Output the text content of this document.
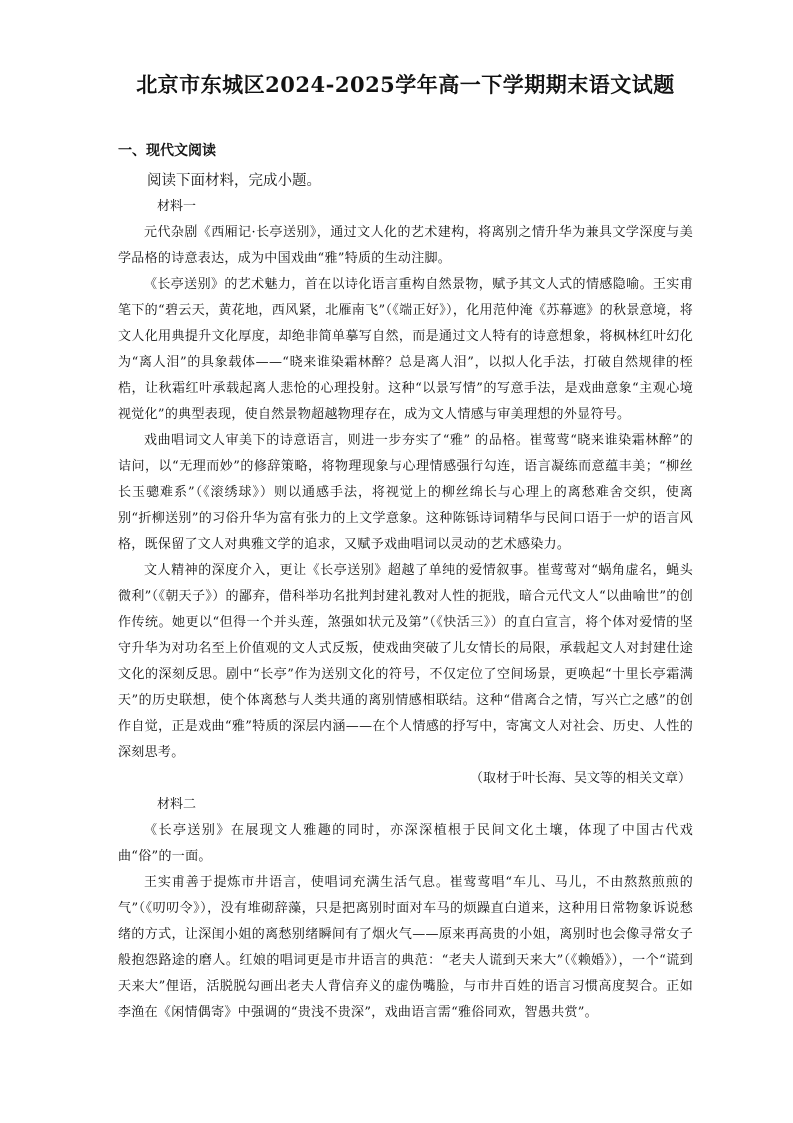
北京市东城区2024-2025学年高一下学期期末语文试题
一、现代文阅读

阅读下面材料，完成小题。

材料一

元代杂剧《西厢记·长亭送别》，通过文人化的艺术建构，将离别之情升华为兼具文学深度与美学品格的诗意表达，成为中国戏曲“雅”特质的生动注脚。

《长亭送别》的艺术魅力，首在以诗化语言重构自然景物，赋予其文人式的情感隐喻。王实甫笔下的“碧云天，黄花地，西风紧，北雁南飞”（《端正好》），化用范仲淹《苏幕遮》的秋景意境，将文人化用典提升文化厚度，却绝非简单摹写自然，而是通过文人特有的诗意想象，将枫林红叶幻化为“离人泪”的具象载体——“晓来谁染霜林醉？总是离人泪”，以拟人化手法，打破自然规律的桎梏，让秋霜红叶承载起离人悲怆的心理投射。这种“以景写情”的写意手法，是戏曲意象“主观心境视觉化”的典型表现，使自然景物超越物理存在，成为文人情感与审美理想的外显符号。

戏曲唱词文人审美下的诗意语言，则进一步夯实了“雅” 的品格。崔莺莺“晓来谁染霜林醉”的诘问，以“无理而妙”的修辞策略，将物理现象与心理情感强行勾连，语言凝练而意蕴丰美；“柳丝长玉骢难系”（《滚绣球》）则以通感手法，将视觉上的柳丝绵长与心理上的离愁难舍交织，使离别“折柳送别”的习俗升华为富有张力的上文学意象。这种陈铄诗词精华与民间口语于一炉的语言风格，既保留了文人对典雅文学的追求，又赋予戏曲唱词以灵动的艺术感染力。

文人精神的深度介入，更让《长亭送别》超越了单纯的爱情叙事。崔莺莺对“蜗角虚名，蝇头微利”（《朝天子》）的鄙弃，借科举功名批判封建礼教对人性的扼戕，暗合元代文人“以曲喻世”的创作传统。她更以“但得一个并头莲，煞强如状元及第”（《快活三》）的直白宣言，将个体对爱情的坚守升华为对功名至上价值观的文人式反叛，使戏曲突破了儿女情长的局限，承载起文人对封建仕途文化的深刻反思。剧中“长亭”作为送别文化的符号，不仅定位了空间场景，更唤起“十里长亭霜满天”的历史联想，使个体离愁与人类共通的离别情感相联结。这种“借离合之情，写兴亡之感”的创作自觉，正是戏曲“雅”特质的深层内涵——在个人情感的抒写中，寄寓文人对社会、历史、人性的深刻思考。

（取材于叶长海、吴文等的相关文章）

材料二

《长亭送别》在展现文人雅趣的同时，亦深深植根于民间文化土壤，体现了中国古代戏曲“俗”的一面。

王实甫善于提炼市井语言，使唱词充满生活气息。崔莺莺唱“车儿、马儿，不由熬熬煎煎的气”（《叨叨令》），没有堆砌辞藻，只是把离别时面对车马的烦躁直白道来，这种用日常物象诉说愁绪的方式，让深闺小姐的离愁别绪瞬间有了烟火气——原来再高贵的小姐，离别时也会像寻常女子般抱怨路途的磨人。红娘的唱词更是市井语言的典范：“老夫人谎到天来大”（《赖婚》），一个“谎到天来大”俚语，活脱脱勾画出老夫人背信弃义的虚伪嘴脸，与市井百姓的语言习惯高度契合。正如李渔在《闲情偶寄》中强调的“贵浅不贵深”，戏曲语言需“雅俗同欢，智愚共赏”。
